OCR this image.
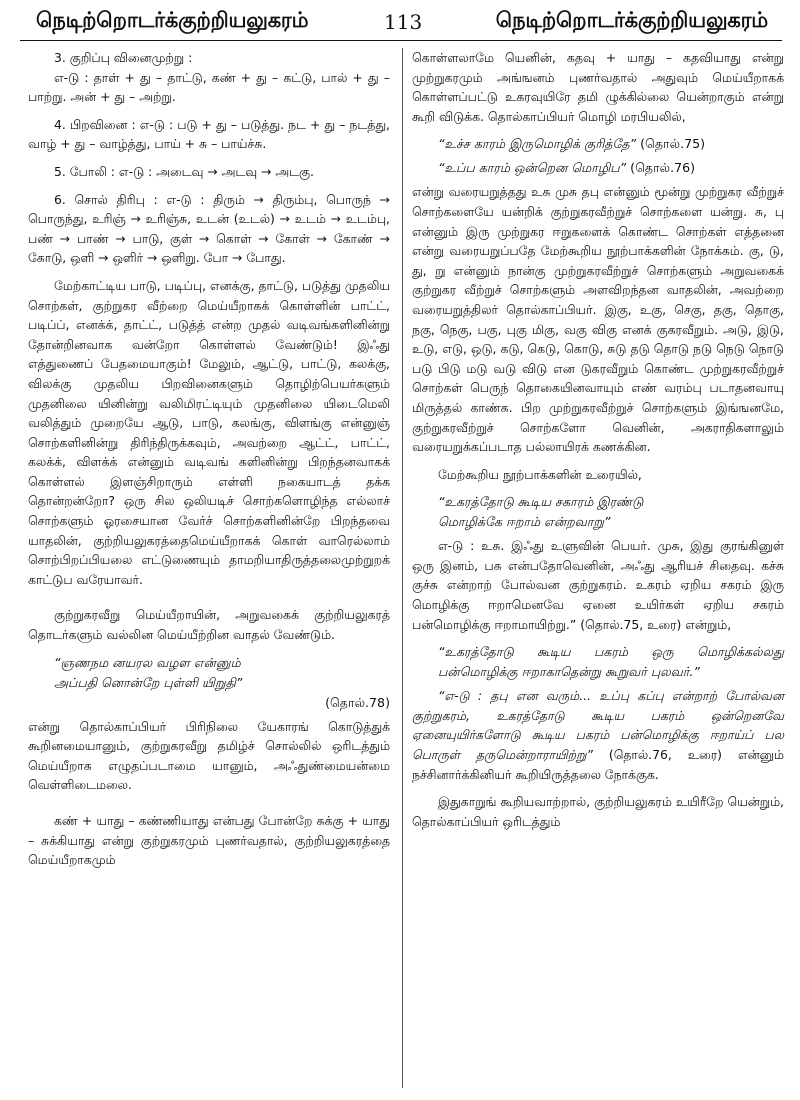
நெடிற்றொடர்க்குற்றியலுகரம்	113	நெடிற்றொடர்க்குற்றியலுகரம்

3. குறிப்பு வினைமுற்று :

எ-டு : தாள் + து – தாட்டு, கண் + து – கட்டு, பால் + து – பாற்று. அன் + து – அற்று.

4. பிறவினை : எ-டு : படு + து – படுத்து. நட + து – நடத்து, வாழ் + து – வாழ்த்து, பாய் + சு – பாய்ச்சு.

5. போலி : எ-டு : அடைவு → அடவு → அடகு.

6. சொல் திரிபு : எ-டு : திரும் → திரும்பு, பொருந் → பொருந்து, உரிஞ் → உரிஞ்சு, உடன் (உடல்) → உடம் → உடம்பு, பண் → பாண் → பாடு, குள் → கொள் → கோள் → கோண் → கோடு, ஒளி → ஒளிர் → ஒளிறு. போ → போது.

மேற்காட்டிய பாடு, படிப்பு, எனக்கு, தாட்டு, படுத்து முதலிய சொற்கள், குற்றுகர வீற்றை மெய்யீறாகக் கொள்ளின் பாட்ட், படிப்ப், எனக்க், தாட்ட், படுத்த் என்ற முதல் வடிவங்களினின்று தோன்றினவாக வன்றோ கொள்ளல் வேண்டும்! இஃது எத்துணைப் பேதமையாகும்! மேலும், ஆட்டு, பாட்டு, கலக்கு, விலக்கு முதலிய பிறவினைகளும் தொழிற்பெயர்களும் முதனிலை யினின்று வலிமிரட்டியும் முதனிலை யிடைமெலி வலித்தும் முறையே ஆடு, பாடு, கலங்கு, விளங்கு என்னுஞ் சொற்களினின்று திரிந்திருக்கவும், அவற்றை ஆட்ட், பாட்ட், கலக்க், விளக்க் என்னும் வடிவங் களினின்று பிறந்தனவாகக் கொள்ளல் இளஞ்சிறாரும் எள்ளி நகையாடத் தக்க தொன்றன்றோ? ஒரு சில ஒலியடிச் சொற்களொழிந்த எல்லாச் சொற்களும் ஓரசையான வேர்ச் சொற்களினின்றே பிறந்தவை யாதலின், குற்றியலுகரத்தைமெய்யீறாகக் கொள் வாரெல்லாம் சொற்பிறப்பியலை எட்டுணையும் தாமறியாதிருத்தலைமுற்றுறக் காட்டுப வரேயாவர்.

குற்றுகரவீறு மெய்யீறாயின், அறுவகைக் குற்றியலுகரத் தொடர்களும் வல்லின மெய்யீற்றின வாதல் வேண்டும்.

“ஞணநம னயரல வழள என்னும்
அப்பதி னொன்றே புள்ளி யிறுதி”
(தொல்.78)

என்று தொல்காப்பியர் பிரிநிலை யேகாரங் கொடுத்துக் கூறினமையானும், குற்றுகரவீறு தமிழ்ச் சொல்லில் ஒரிடத்தும் மெய்யீறாக எழுதப்படாமை யானும், அஃதுண்மையன்மை வெள்ளிடைமலை.

கண் + யாது – கண்ணியாது என்பது போன்றே சுக்கு + யாது – சுக்கியாது என்று குற்றுகரமும் புணர்வதால், குற்றியலுகரத்தை மெய்யீறாகமும்

கொள்ளலாமே யெனின், கதவு + யாது – கதவியாது என்று முற்றுகரமும் அங்ஙனம் புணர்வதால் அதுவும் மெய்யீறாகக் கொள்ளப்பட்டு உகரவுயிரே தமி ழுக்கில்லை யென்றாகும் என்று கூறி விடுக்க. தொல்காப்பியர் மொழி மரபியலில்,

“உச்ச காரம் இருமொழிக் குரித்தே” (தொல்.75)

“உப்ப காரம் ஒன்றென மொழிப” (தொல்.76)

என்று வரையறுத்தது உசு முசு தபு என்னும் மூன்று முற்றுகர வீற்றுச் சொற்களையே யன்றிக் குற்றுகரவீற்றுச் சொற்களை யன்று. சு, பு என்னும் இரு முற்றுகர ஈறுகளைக் கொண்ட சொற்கள் எத்தனை என்று வரையறுப்பதே மேற்கூறிய நூற்பாக்களின் நோக்கம். கு, டு, து, று என்னும் நான்கு முற்றுகரவீற்றுச் சொற்களும் அறுவகைக் குற்றுகர வீற்றுச் சொற்களும் அளவிறந்தன வாதலின், அவற்றை வரையறுத்திலர் தொல்காப்பியர். இகு, உகு, செகு, தகு, தொகு, நகு, நெகு, பகு, புகு மிகு, வகு விகு எனக் குகரவீறும். அடு, இடு, உடு, எடு, ஒடு, கடு, கெடு, கொடு, சுடு தடு தொடு நடு நெடு நொடு படு பிடு மடு வடு விடு என டுகரவீறும் கொண்ட முற்றுகரவீற்றுச் சொற்கள் பெருந் தொகையினவாயும் எண் வரம்பு படாதனவாயு மிருத்தல் காண்க. பிற முற்றுகரவீற்றுச் சொற்களும் இங்ஙனமே, குற்றுகரவீற்றுச் சொற்களோ வெனின், அகராதிகளாலும் வரையறுக்கப்படாத பல்லாயிரக் கணக்கின.

மேற்கூறிய நூற்பாக்களின் உரையில்,

“உகரத்தோடு கூடிய சகாரம் இரண்டு
மொழிக்கே ஈறாம் என்றவாறு”

எ-டு : உசு. இஃது உளுவின் பெயர். முசு, இது குரங்கினுள் ஒரு இனம், பசு என்பதோவெனின், அஃது ஆரியச் சிதைவு. கச்சு குச்சு என்றாற் போல்வன குற்றுகரம். உகரம் ஏறிய சகரம் இரு மொழிக்கு ஈறாமெனவே ஏனை உயிர்கள் ஏறிய சகரம் பன்மொழிக்கு ஈறாமாயிற்று.” (தொல்.75, உரை) என்றும்,

“உகரத்தோடு கூடிய பகரம் ஒரு மொழிக்கல்லது பன்மொழிக்கு ஈறாகாதென்று கூறுவர் புலவர்.”

“எ-டு : தபு என வரும்... உப்பு கப்பு என்றாற் போல்வன குற்றுகரம், உகரத்தோடு கூடிய பகரம் ஒன்றெனவே ஏனையுயிர்களோடு கூடிய பகரம் பன்மொழிக்கு ஈறாய்ப் பல பொருள் தருமென்றாராயிற்று” (தொல்.76, உரை) என்னும் நச்சினார்க்கினியர் கூறியிருத்தலை நோக்குக.

இதுகாறுங் கூறியவாற்றால், குற்றியலுகரம் உயிரீறே யென்றும், தொல்காப்பியர் ஒரிடத்தும்
